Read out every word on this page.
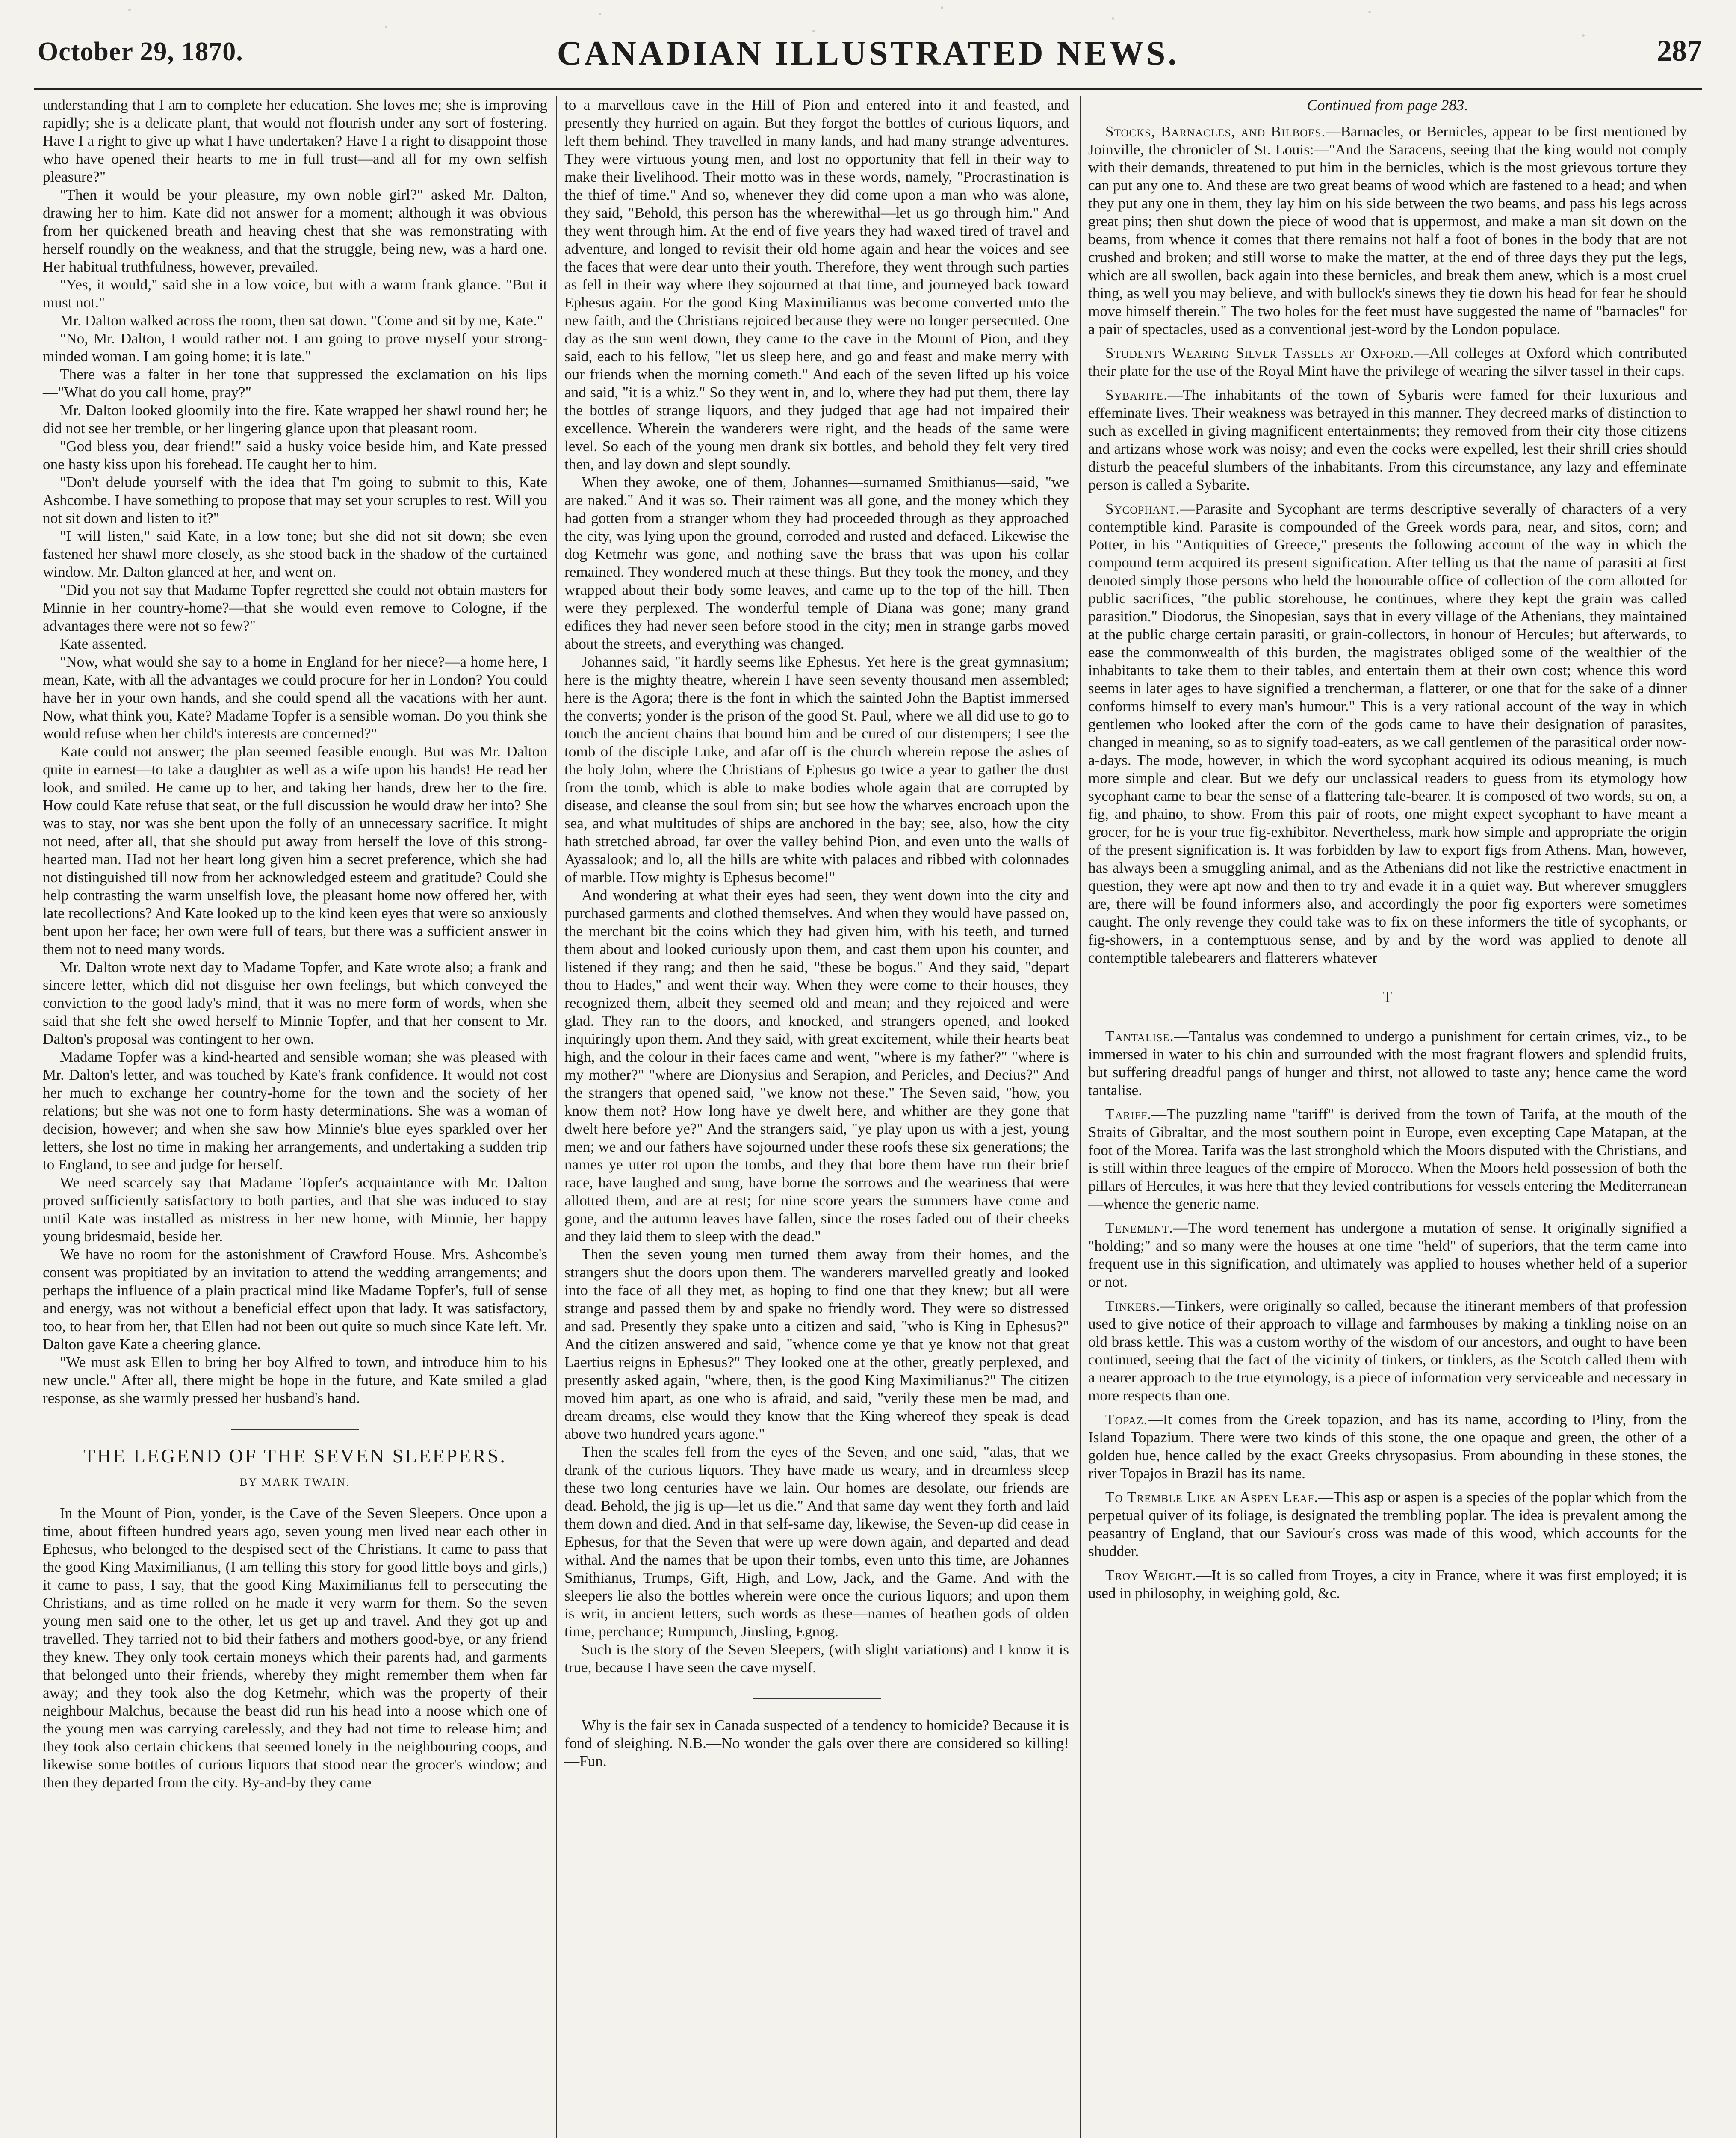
October 29, 1870.	CANADIAN ILLUSTRATED NEWS.	287

understanding that I am to complete her education. She loves me; she is improving rapidly; she is a delicate plant, that would not flourish under any sort of fostering. Have I a right to give up what I have undertaken? Have I a right to disappoint those who have opened their hearts to me in full trust—and all for my own selfish pleasure?"

"Then it would be your pleasure, my own noble girl?" asked Mr. Dalton, drawing her to him. Kate did not answer for a moment; although it was obvious from her quickened breath and heaving chest that she was remonstrating with herself roundly on the weakness, and that the struggle, being new, was a hard one. Her habitual truthfulness, however, prevailed.

"Yes, it would," said she in a low voice, but with a warm frank glance. "But it must not."

Mr. Dalton walked across the room, then sat down. "Come and sit by me, Kate."

"No, Mr. Dalton, I would rather not. I am going to prove myself your strong-minded woman. I am going home; it is late."

There was a falter in her tone that suppressed the exclamation on his lips—"What do you call home, pray?"

Mr. Dalton looked gloomily into the fire. Kate wrapped her shawl round her; he did not see her tremble, or her lingering glance upon that pleasant room.

"God bless you, dear friend!" said a husky voice beside him, and Kate pressed one hasty kiss upon his forehead. He caught her to him.

"Don't delude yourself with the idea that I'm going to submit to this, Kate Ashcombe. I have something to propose that may set your scruples to rest. Will you not sit down and listen to it?"

"I will listen," said Kate, in a low tone; but she did not sit down; she even fastened her shawl more closely, as she stood back in the shadow of the curtained window. Mr. Dalton glanced at her, and went on.

"Did you not say that Madame Topfer regretted she could not obtain masters for Minnie in her country-home?—that she would even remove to Cologne, if the advantages there were not so few?"

Kate assented.

"Now, what would she say to a home in England for her niece?—a home here, I mean, Kate, with all the advantages we could procure for her in London? You could have her in your own hands, and she could spend all the vacations with her aunt. Now, what think you, Kate? Madame Topfer is a sensible woman. Do you think she would refuse when her child's interests are concerned?"

Kate could not answer; the plan seemed feasible enough. But was Mr. Dalton quite in earnest—to take a daughter as well as a wife upon his hands! He read her look, and smiled. He came up to her, and taking her hands, drew her to the fire. How could Kate refuse that seat, or the full discussion he would draw her into? She was to stay, nor was she bent upon the folly of an unnecessary sacrifice. It might not need, after all, that she should put away from herself the love of this strong-hearted man. Had not her heart long given him a secret preference, which she had not distinguished till now from her acknowledged esteem and gratitude? Could she help contrasting the warm unselfish love, the pleasant home now offered her, with late recollections? And Kate looked up to the kind keen eyes that were so anxiously bent upon her face; her own were full of tears, but there was a sufficient answer in them not to need many words.

Mr. Dalton wrote next day to Madame Topfer, and Kate wrote also; a frank and sincere letter, which did not disguise her own feelings, but which conveyed the conviction to the good lady's mind, that it was no mere form of words, when she said that she felt she owed herself to Minnie Topfer, and that her consent to Mr. Dalton's proposal was contingent to her own.

Madame Topfer was a kind-hearted and sensible woman; she was pleased with Mr. Dalton's letter, and was touched by Kate's frank confidence. It would not cost her much to exchange her country-home for the town and the society of her relations; but she was not one to form hasty determinations. She was a woman of decision, however; and when she saw how Minnie's blue eyes sparkled over her letters, she lost no time in making her arrangements, and undertaking a sudden trip to England, to see and judge for herself.

We need scarcely say that Madame Topfer's acquaintance with Mr. Dalton proved sufficiently satisfactory to both parties, and that she was induced to stay until Kate was installed as mistress in her new home, with Minnie, her happy young bridesmaid, beside her.

We have no room for the astonishment of Crawford House. Mrs. Ashcombe's consent was propitiated by an invitation to attend the wedding arrangements; and perhaps the influence of a plain practical mind like Madame Topfer's, full of sense and energy, was not without a beneficial effect upon that lady. It was satisfactory, too, to hear from her, that Ellen had not been out quite so much since Kate left. Mr. Dalton gave Kate a cheering glance.

"We must ask Ellen to bring her boy Alfred to town, and introduce him to his new uncle." After all, there might be hope in the future, and Kate smiled a glad response, as she warmly pressed her husband's hand.

THE LEGEND OF THE SEVEN SLEEPERS.

BY MARK TWAIN.

In the Mount of Pion, yonder, is the Cave of the Seven Sleepers. Once upon a time, about fifteen hundred years ago, seven young men lived near each other in Ephesus, who belonged to the despised sect of the Christians. It came to pass that the good King Maximilianus, (I am telling this story for good little boys and girls,) it came to pass, I say, that the good King Maximilianus fell to persecuting the Christians, and as time rolled on he made it very warm for them. So the seven young men said one to the other, let us get up and travel. And they got up and travelled. They tarried not to bid their fathers and mothers good-bye, or any friend they knew. They only took certain moneys which their parents had, and garments that belonged unto their friends, whereby they might remember them when far away; and they took also the dog Ketmehr, which was the property of their neighbour Malchus, because the beast did run his head into a noose which one of the young men was carrying carelessly, and they had not time to release him; and they took also certain chickens that seemed lonely in the neighbouring coops, and likewise some bottles of curious liquors that stood near the grocer's window; and then they departed from the city. By-and-by they came

to a marvellous cave in the Hill of Pion and entered into it and feasted, and presently they hurried on again. But they forgot the bottles of curious liquors, and left them behind. They travelled in many lands, and had many strange adventures. They were virtuous young men, and lost no opportunity that fell in their way to make their livelihood. Their motto was in these words, namely, "Procrastination is the thief of time." And so, whenever they did come upon a man who was alone, they said, "Behold, this person has the wherewithal—let us go through him." And they went through him. At the end of five years they had waxed tired of travel and adventure, and longed to revisit their old home again and hear the voices and see the faces that were dear unto their youth. Therefore, they went through such parties as fell in their way where they sojourned at that time, and journeyed back toward Ephesus again. For the good King Maximilianus was become converted unto the new faith, and the Christians rejoiced because they were no longer persecuted. One day as the sun went down, they came to the cave in the Mount of Pion, and they said, each to his fellow, "let us sleep here, and go and feast and make merry with our friends when the morning cometh." And each of the seven lifted up his voice and said, "it is a whiz." So they went in, and lo, where they had put them, there lay the bottles of strange liquors, and they judged that age had not impaired their excellence. Wherein the wanderers were right, and the heads of the same were level. So each of the young men drank six bottles, and behold they felt very tired then, and lay down and slept soundly.

When they awoke, one of them, Johannes—surnamed Smithianus—said, "we are naked." And it was so. Their raiment was all gone, and the money which they had gotten from a stranger whom they had proceeded through as they approached the city, was lying upon the ground, corroded and rusted and defaced. Likewise the dog Ketmehr was gone, and nothing save the brass that was upon his collar remained. They wondered much at these things. But they took the money, and they wrapped about their body some leaves, and came up to the top of the hill. Then were they perplexed. The wonderful temple of Diana was gone; many grand edifices they had never seen before stood in the city; men in strange garbs moved about the streets, and everything was changed.

Johannes said, "it hardly seems like Ephesus. Yet here is the great gymnasium; here is the mighty theatre, wherein I have seen seventy thousand men assembled; here is the Agora; there is the font in which the sainted John the Baptist immersed the converts; yonder is the prison of the good St. Paul, where we all did use to go to touch the ancient chains that bound him and be cured of our distempers; I see the tomb of the disciple Luke, and afar off is the church wherein repose the ashes of the holy John, where the Christians of Ephesus go twice a year to gather the dust from the tomb, which is able to make bodies whole again that are corrupted by disease, and cleanse the soul from sin; but see how the wharves encroach upon the sea, and what multitudes of ships are anchored in the bay; see, also, how the city hath stretched abroad, far over the valley behind Pion, and even unto the walls of Ayassalook; and lo, all the hills are white with palaces and ribbed with colonnades of marble. How mighty is Ephesus become!"

And wondering at what their eyes had seen, they went down into the city and purchased garments and clothed themselves. And when they would have passed on, the merchant bit the coins which they had given him, with his teeth, and turned them about and looked curiously upon them, and cast them upon his counter, and listened if they rang; and then he said, "these be bogus." And they said, "depart thou to Hades," and went their way. When they were come to their houses, they recognized them, albeit they seemed old and mean; and they rejoiced and were glad. They ran to the doors, and knocked, and strangers opened, and looked inquiringly upon them. And they said, with great excitement, while their hearts beat high, and the colour in their faces came and went, "where is my father?" "where is my mother?" "where are Dionysius and Serapion, and Pericles, and Decius?" And the strangers that opened said, "we know not these." The Seven said, "how, you know them not? How long have ye dwelt here, and whither are they gone that dwelt here before ye?" And the strangers said, "ye play upon us with a jest, young men; we and our fathers have sojourned under these roofs these six generations; the names ye utter rot upon the tombs, and they that bore them have run their brief race, have laughed and sung, have borne the sorrows and the weariness that were allotted them, and are at rest; for nine score years the summers have come and gone, and the autumn leaves have fallen, since the roses faded out of their cheeks and they laid them to sleep with the dead."

Then the seven young men turned them away from their homes, and the strangers shut the doors upon them. The wanderers marvelled greatly and looked into the face of all they met, as hoping to find one that they knew; but all were strange and passed them by and spake no friendly word. They were so distressed and sad. Presently they spake unto a citizen and said, "who is King in Ephesus?" And the citizen answered and said, "whence come ye that ye know not that great Laertius reigns in Ephesus?" They looked one at the other, greatly perplexed, and presently asked again, "where, then, is the good King Maximilianus?" The citizen moved him apart, as one who is afraid, and said, "verily these men be mad, and dream dreams, else would they know that the King whereof they speak is dead above two hundred years agone."

Then the scales fell from the eyes of the Seven, and one said, "alas, that we drank of the curious liquors. They have made us weary, and in dreamless sleep these two long centuries have we lain. Our homes are desolate, our friends are dead. Behold, the jig is up—let us die." And that same day went they forth and laid them down and died. And in that self-same day, likewise, the Seven-up did cease in Ephesus, for that the Seven that were up were down again, and departed and dead withal. And the names that be upon their tombs, even unto this time, are Johannes Smithianus, Trumps, Gift, High, and Low, Jack, and the Game. And with the sleepers lie also the bottles wherein were once the curious liquors; and upon them is writ, in ancient letters, such words as these—names of heathen gods of olden time, perchance; Rumpunch, Jinsling, Egnog.

Such is the story of the Seven Sleepers, (with slight variations) and I know it is true, because I have seen the cave myself.

Why is the fair sex in Canada suspected of a tendency to homicide? Because it is fond of sleighing. N.B.—No wonder the gals over there are considered so killing!—Fun.

Continued from page 283.

Stocks, Barnacles, and Bilboes.—Barnacles, or Bernicles, appear to be first mentioned by Joinville, the chronicler of St. Louis:—"And the Saracens, seeing that the king would not comply with their demands, threatened to put him in the bernicles, which is the most grievous torture they can put any one to. And these are two great beams of wood which are fastened to a head; and when they put any one in them, they lay him on his side between the two beams, and pass his legs across great pins; then shut down the piece of wood that is uppermost, and make a man sit down on the beams, from whence it comes that there remains not half a foot of bones in the body that are not crushed and broken; and still worse to make the matter, at the end of three days they put the legs, which are all swollen, back again into these bernicles, and break them anew, which is a most cruel thing, as well you may believe, and with bullock's sinews they tie down his head for fear he should move himself therein." The two holes for the feet must have suggested the name of "barnacles" for a pair of spectacles, used as a conventional jest-word by the London populace.

Students Wearing Silver Tassels at Oxford.—All colleges at Oxford which contributed their plate for the use of the Royal Mint have the privilege of wearing the silver tassel in their caps.

Sybarite.—The inhabitants of the town of Sybaris were famed for their luxurious and effeminate lives. Their weakness was betrayed in this manner. They decreed marks of distinction to such as excelled in giving magnificent entertainments; they removed from their city those citizens and artizans whose work was noisy; and even the cocks were expelled, lest their shrill cries should disturb the peaceful slumbers of the inhabitants. From this circumstance, any lazy and effeminate person is called a Sybarite.

Sycophant.—Parasite and Sycophant are terms descriptive severally of characters of a very contemptible kind. Parasite is compounded of the Greek words para, near, and sitos, corn; and Potter, in his "Antiquities of Greece," presents the following account of the way in which the compound term acquired its present signification. After telling us that the name of parasiti at first denoted simply those persons who held the honourable office of collection of the corn allotted for public sacrifices, "the public storehouse, he continues, where they kept the grain was called parasition." Diodorus, the Sinopesian, says that in every village of the Athenians, they maintained at the public charge certain parasiti, or grain-collectors, in honour of Hercules; but afterwards, to ease the commonwealth of this burden, the magistrates obliged some of the wealthier of the inhabitants to take them to their tables, and entertain them at their own cost; whence this word seems in later ages to have signified a trencherman, a flatterer, or one that for the sake of a dinner conforms himself to every man's humour." This is a very rational account of the way in which gentlemen who looked after the corn of the gods came to have their designation of parasites, changed in meaning, so as to signify toad-eaters, as we call gentlemen of the parasitical order now-a-days. The mode, however, in which the word sycophant acquired its odious meaning, is much more simple and clear. But we defy our unclassical readers to guess from its etymology how sycophant came to bear the sense of a flattering tale-bearer. It is composed of two words, su on, a fig, and phaino, to show. From this pair of roots, one might expect sycophant to have meant a grocer, for he is your true fig-exhibitor. Nevertheless, mark how simple and appropriate the origin of the present signification is. It was forbidden by law to export figs from Athens. Man, however, has always been a smuggling animal, and as the Athenians did not like the restrictive enactment in question, they were apt now and then to try and evade it in a quiet way. But wherever smugglers are, there will be found informers also, and accordingly the poor fig exporters were sometimes caught. The only revenge they could take was to fix on these informers the title of sycophants, or fig-showers, in a contemptuous sense, and by and by the word was applied to denote all contemptible talebearers and flatterers whatever

T

Tantalise.—Tantalus was condemned to undergo a punishment for certain crimes, viz., to be immersed in water to his chin and surrounded with the most fragrant flowers and splendid fruits, but suffering dreadful pangs of hunger and thirst, not allowed to taste any; hence came the word tantalise.

Tariff.—The puzzling name "tariff" is derived from the town of Tarifa, at the mouth of the Straits of Gibraltar, and the most southern point in Europe, even excepting Cape Matapan, at the foot of the Morea. Tarifa was the last stronghold which the Moors disputed with the Christians, and is still within three leagues of the empire of Morocco. When the Moors held possession of both the pillars of Hercules, it was here that they levied contributions for vessels entering the Mediterranean—whence the generic name.

Tenement.—The word tenement has undergone a mutation of sense. It originally signified a "holding;" and so many were the houses at one time "held" of superiors, that the term came into frequent use in this signification, and ultimately was applied to houses whether held of a superior or not.

Tinkers.—Tinkers, were originally so called, because the itinerant members of that profession used to give notice of their approach to village and farmhouses by making a tinkling noise on an old brass kettle. This was a custom worthy of the wisdom of our ancestors, and ought to have been continued, seeing that the fact of the vicinity of tinkers, or tinklers, as the Scotch called them with a nearer approach to the true etymology, is a piece of information very serviceable and necessary in more respects than one.

Topaz.—It comes from the Greek topazion, and has its name, according to Pliny, from the Island Topazium. There were two kinds of this stone, the one opaque and green, the other of a golden hue, hence called by the exact Greeks chrysopasius. From abounding in these stones, the river Topajos in Brazil has its name.

To Tremble Like an Aspen Leaf.—This asp or aspen is a species of the poplar which from the perpetual quiver of its foliage, is designated the trembling poplar. The idea is prevalent among the peasantry of England, that our Saviour's cross was made of this wood, which accounts for the shudder.

Troy Weight.—It is so called from Troyes, a city in France, where it was first employed; it is used in philosophy, in weighing gold, &c.
